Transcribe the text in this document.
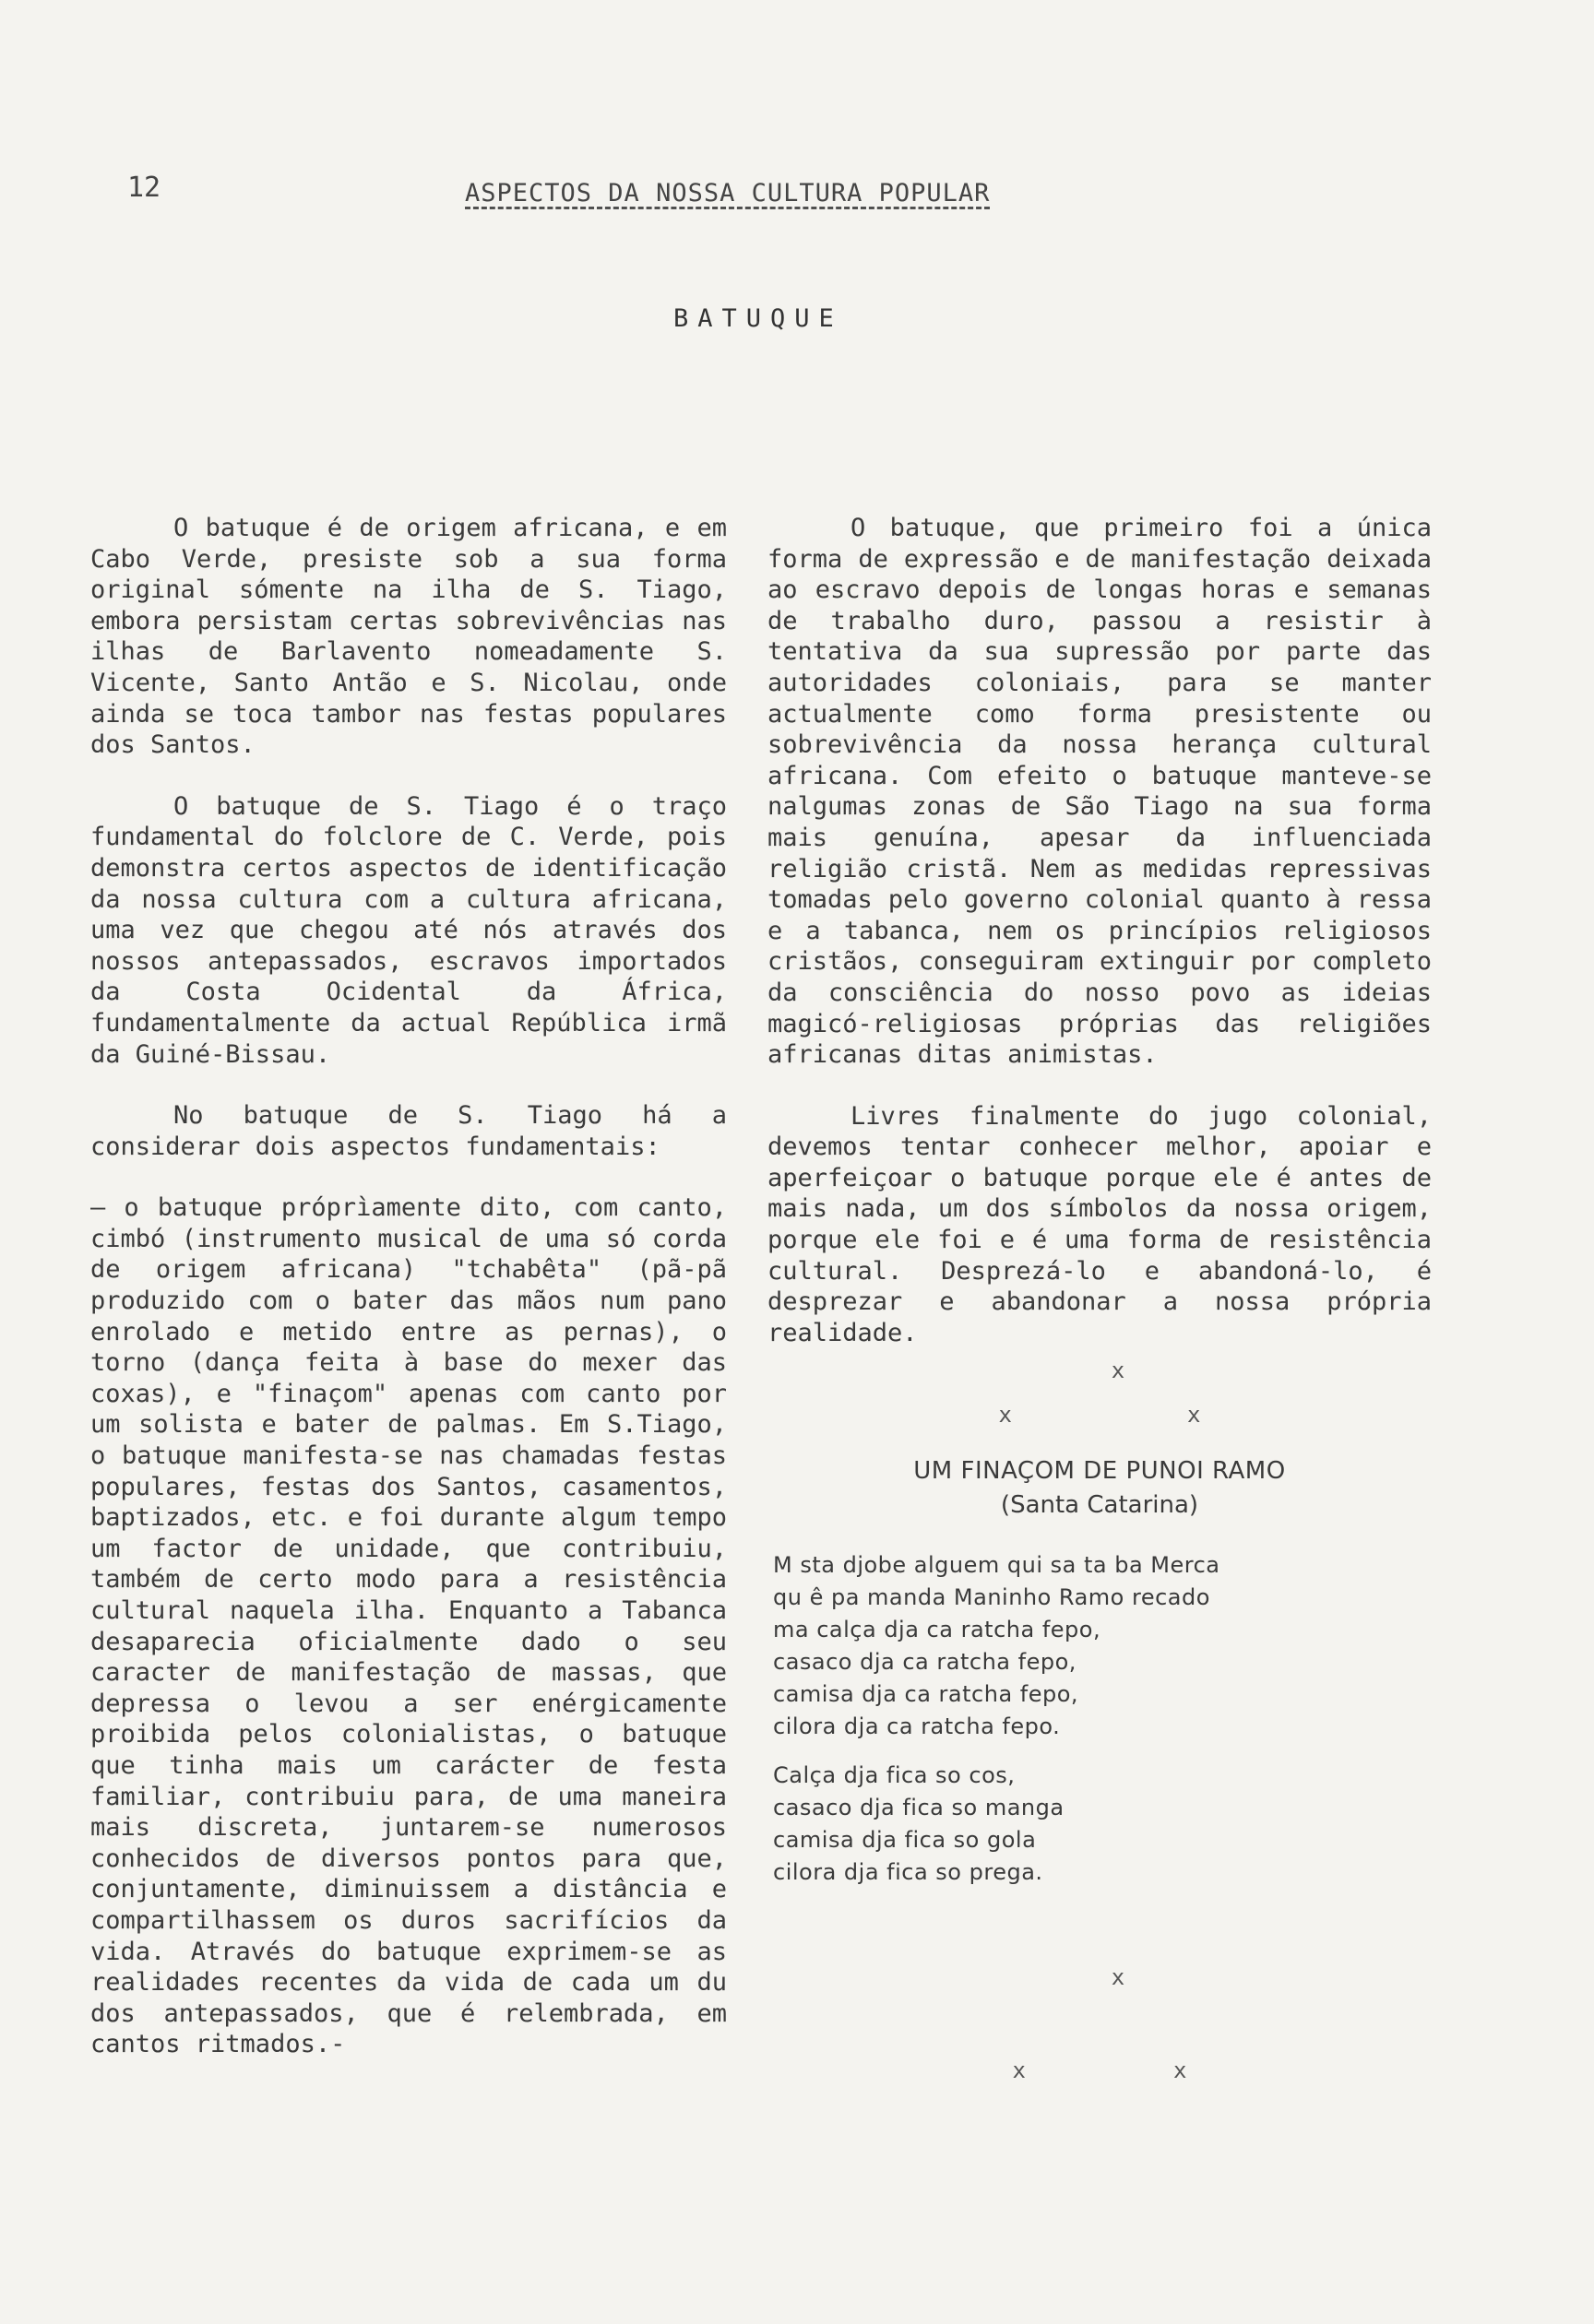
12	ASPECTOS DA NOSSA CULTURA POPULAR
BATUQUE

O batuque é de origem africana, e em Cabo Verde, presiste sob a sua forma original sómente na ilha de S. Tiago, embora persistam certas sobrevivências nas ilhas de Barlavento nomeadamente S. Vicente, Santo Antão e S. Nicolau, onde ainda se toca tambor nas festas populares dos Santos.

O batuque de S. Tiago é o traço fundamental do folclore de C. Verde, pois demonstra certos aspectos de identificação da nossa cultura com a cultura africana, uma vez que chegou até nós através dos nossos antepassados, escravos importados da Costa Ocidental da África, fundamentalmente da actual República irmã da Guiné-Bissau.

No batuque de S. Tiago há a considerar dois aspectos fundamentais:

— o batuque próprìamente dito, com canto, cimbó (instrumento musical de uma só corda de origem africana) "tchabêta" (pã-pã produzido com o bater das mãos num pano enrolado e metido entre as pernas), o torno (dança feita à base do mexer das coxas), e "finaçom" apenas com canto por um solista e bater de palmas. Em S.Tiago, o batuque manifesta-se nas chamadas festas populares, festas dos Santos, casamentos, baptizados, etc. e foi durante algum tempo um factor de unidade, que contribuiu, também de certo modo para a resistência cultural naquela ilha. Enquanto a Tabanca desaparecia oficialmente dado o seu caracter de manifestação de massas, que depressa o levou a ser enérgicamente proibida pelos colonialistas, o batuque que tinha mais um carácter de festa familiar, contribuiu para, de uma maneira mais discreta, juntarem-se numerosos conhecidos de diversos pontos para que, conjuntamente, diminuissem a distância e compartilhassem os duros sacrifícios da vida. Através do batuque exprimem-se as realidades recentes da vida de cada um du dos antepassados, que é relembrada, em cantos ritmados.-

O batuque, que primeiro foi a única forma de expressão e de manifestação deixada ao escravo depois de longas horas e semanas de trabalho duro, passou a resistir à tentativa da sua supressão por parte das autoridades coloniais, para se manter actualmente como forma presistente ou sobrevivência da nossa herança cultural africana. Com efeito o batuque manteve-se nalgumas zonas de São Tiago na sua forma mais genuína, apesar da influenciada religião cristã. Nem as medidas repressivas tomadas pelo governo colonial quanto à ressa e a tabanca, nem os princípios religiosos cristãos, conseguiram extinguir por completo da consciência do nosso povo as ideias magicó-religiosas próprias das religiões africanas ditas animistas.

Livres finalmente do jugo colonial, devemos tentar conhecer melhor, apoiar e aperfeiçoar o batuque porque ele é antes de mais nada, um dos símbolos da nossa origem, porque ele foi e é uma forma de resistência cultural. Desprezá-lo e abandoná-lo, é desprezar e abandonar a nossa própria realidade.

x
x	x
UM FINAÇOM DE PUNOI RAMO
(Santa Catarina)
M sta djobe alguem qui sa ta ba Merca
qu ê pa manda Maninho Ramo recado
ma calça dja ca ratcha fepo,
casaco dja ca ratcha fepo,
camisa dja ca ratcha fepo,
cilora dja ca ratcha fepo.
Calça dja fica so cos,
casaco dja fica so manga
camisa dja fica so gola
cilora dja fica so prega.
x
x	x
